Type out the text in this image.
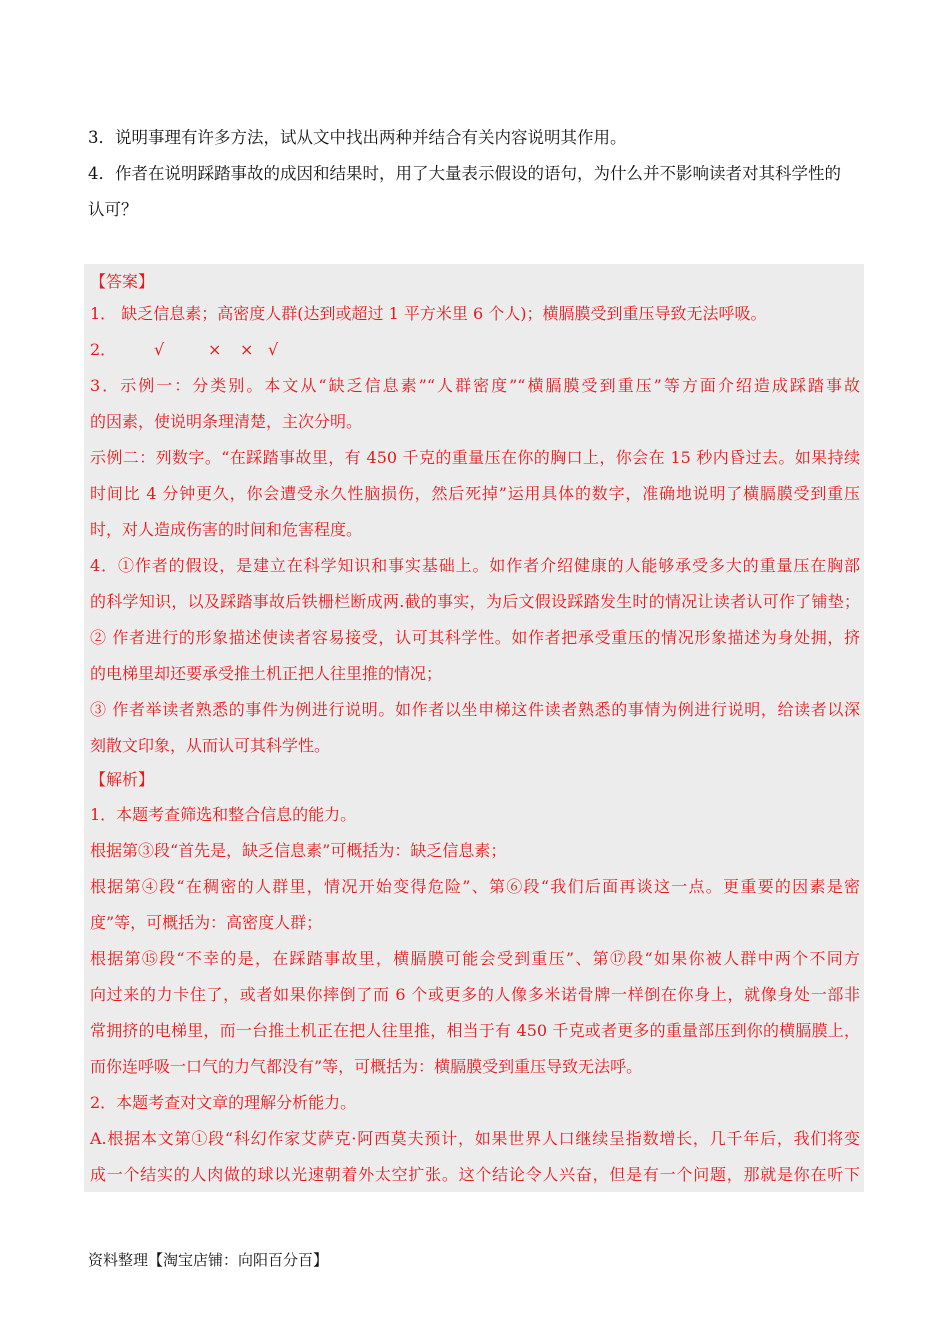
3．说明事理有许多方法，试从文中找出两种并结合有关内容说明其作用。
4．作者在说明踩踏事故的成因和结果时，用了大量表示假设的语句，为什么并不影响读者对其科学性的
认可？
【答案】
1． 缺乏信息素；高密度人群(达到或超过 1 平方米里 6 个人)；横膈膜受到重压导致无法呼吸。
2． √	× × √
3．示例一：分类别。本文从“缺乏信息素”“人群密度”“横膈膜受到重压”等方面介绍造成踩踏事故
的因素，使说明条理清楚，主次分明。
示例二：列数字。“在踩踏事故里，有 450 千克的重量压在你的胸口上，你会在 15 秒内昏过去。如果持续
时间比 4 分钟更久，你会遭受永久性脑损伤，然后死掉”运用具体的数字，准确地说明了横膈膜受到重压
时，对人造成伤害的时间和危害程度。
4．①作者的假设，是建立在科学知识和事实基础上。如作者介绍健康的人能够承受多大的重量压在胸部
的科学知识，以及踩踏事故后铁栅栏断成两.截的事实，为后文假设踩踏发生时的情况让读者认可作了铺垫；
② 作者进行的形象描述使读者容易接受，认可其科学性。如作者把承受重压的情况形象描述为身处拥，挤
的电梯里却还要承受推土机正把人往里推的情况；
③ 作者举读者熟悉的事件为例进行说明。如作者以坐申梯这件读者熟悉的事情为例进行说明，给读者以深
刻散文印象，从而认可其科学性。
【解析】
1．本题考查筛选和整合信息的能力。
根据第③段“首先是，缺乏信息素”可概括为：缺乏信息素；
根据第④段“在稠密的人群里，情况开始变得危险”、第⑥段“我们后面再谈这一点。更重要的因素是密
度”等，可概括为：高密度人群；
根据第⑮段“不幸的是，在踩踏事故里，横膈膜可能会受到重压”、第⑰段“如果你被人群中两个不同方
向过来的力卡住了，或者如果你摔倒了而 6 个或更多的人像多米诺骨牌一样倒在你身上，就像身处一部非
常拥挤的电梯里，而一台推土机正在把人往里推，相当于有 450 千克或者更多的重量部压到你的横膈膜上，
而你连呼吸一口气的力气都没有”等，可概括为：横膈膜受到重压导致无法呼。
2．本题考查对文章的理解分析能力。
A.根据本文第①段“科幻作家艾萨克·阿西莫夫预计，如果世界人口继续呈指数增长，几千年后，我们将变
成一个结实的人肉做的球以光速朝着外太空扩张。这个结论令人兴奋，但是有一个问题，那就是你在听下
资料整理【淘宝店铺：向阳百分百】
